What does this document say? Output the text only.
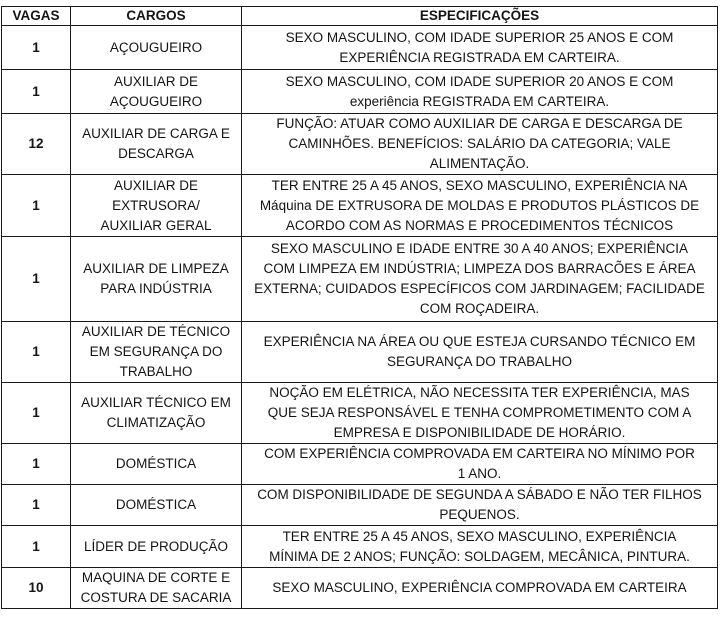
VAGAS	CARGOS	ESPECIFICAÇÕES
1	AÇOUGUEIRO	SEXO MASCULINO, COM IDADE SUPERIOR 25 ANOS E COM
EXPERIÊNCIA REGISTRADA EM CARTEIRA.
1	AUXILIAR DE
AÇOUGUEIRO	SEXO MASCULINO, COM IDADE SUPERIOR 20 ANOS E COM
experiência REGISTRADA EM CARTEIRA.
12	AUXILIAR DE CARGA E
DESCARGA	FUNÇÃO: ATUAR COMO AUXILIAR DE CARGA E DESCARGA DE
CAMINHÕES. BENEFÍCIOS: SALÁRIO DA CATEGORIA; VALE
ALIMENTAÇÃO.
1	AUXILIAR DE
EXTRUSORA/
AUXILIAR GERAL	TER ENTRE 25 A 45 ANOS, SEXO MASCULINO, EXPERIÊNCIA NA
Máquina DE EXTRUSORA DE MOLDAS E PRODUTOS PLÁSTICOS DE
ACORDO COM AS NORMAS E PROCEDIMENTOS TÉCNICOS
1	AUXILIAR DE LIMPEZA
PARA INDÚSTRIA	SEXO MASCULINO E IDADE ENTRE 30 A 40 ANOS; EXPERIÊNCIA
COM LIMPEZA EM INDÚSTRIA; LIMPEZA DOS BARRACÕES E ÁREA
EXTERNA; CUIDADOS ESPECÍFICOS COM JARDINAGEM; FACILIDADE
COM ROÇADEIRA.
1	AUXILIAR DE TÉCNICO
EM SEGURANÇA DO
TRABALHO	EXPERIÊNCIA NA ÁREA OU QUE ESTEJA CURSANDO TÉCNICO EM
SEGURANÇA DO TRABALHO
1	AUXILIAR TÉCNICO EM
CLIMATIZAÇÃO	NOÇÃO EM ELÉTRICA, NÃO NECESSITA TER EXPERIÊNCIA, MAS
QUE SEJA RESPONSÁVEL E TENHA COMPROMETIMENTO COM A
EMPRESA E DISPONIBILIDADE DE HORÁRIO.
1	DOMÉSTICA	COM EXPERIÊNCIA COMPROVADA EM CARTEIRA NO MÍNIMO POR
1 ANO.
1	DOMÉSTICA	COM DISPONIBILIDADE DE SEGUNDA A SÁBADO E NÃO TER FILHOS
PEQUENOS.
1	LÍDER DE PRODUÇÃO	TER ENTRE 25 A 45 ANOS, SEXO MASCULINO, EXPERIÊNCIA
MÍNIMA DE 2 ANOS; FUNÇÃO: SOLDAGEM, MECÂNICA, PINTURA.
10	MAQUINA DE CORTE E
COSTURA DE SACARIA	SEXO MASCULINO, EXPERIÊNCIA COMPROVADA EM CARTEIRA
